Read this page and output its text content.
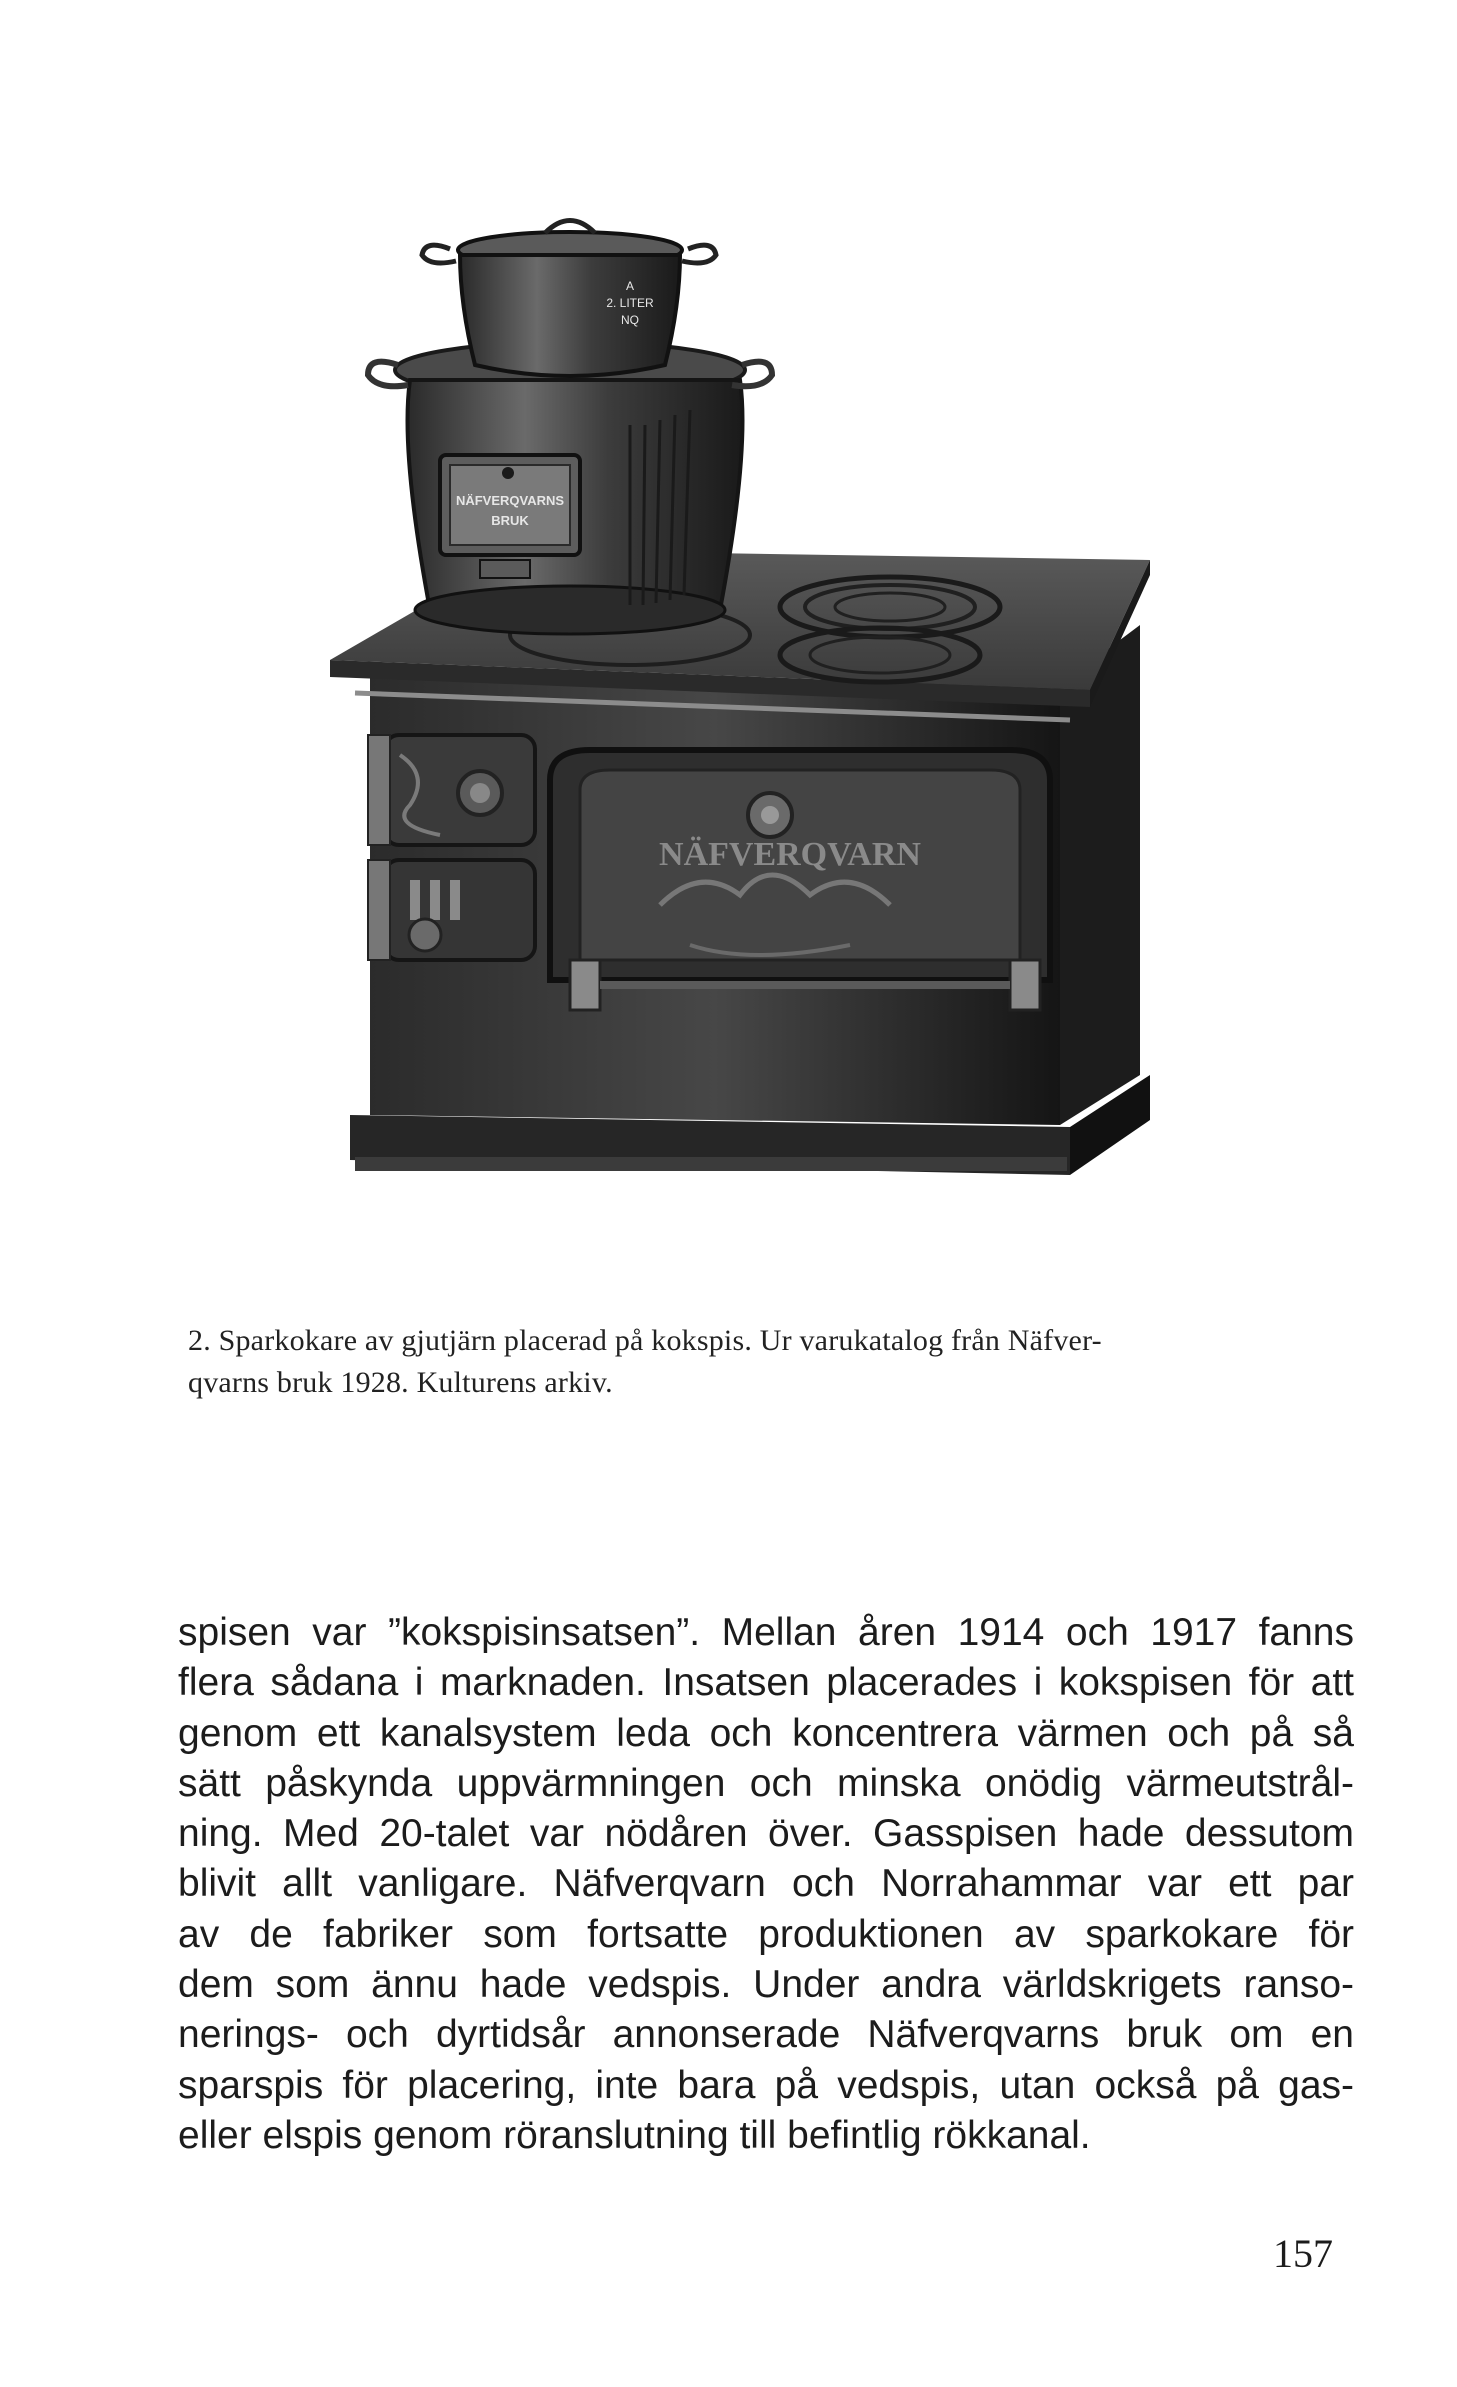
NÄFVERQVARN
NÄFVERQVARNS
BRUK
A
2. LITER
NQ
2. Sparkokare av gjutjärn placerad på kokspis. Ur varukatalog från Näfver-
qvarns bruk 1928. Kulturens arkiv.
spisen var ”kokspisinsatsen”. Mellan åren 1914 och 1917 fanns
flera sådana i marknaden. Insatsen placerades i kokspisen för att
genom ett kanalsystem leda och koncentrera värmen och på så
sätt påskynda uppvärmningen och minska onödig värmeutstrål-
ning. Med 20-talet var nödåren över. Gasspisen hade dessutom
blivit allt vanligare. Näfverqvarn och Norrahammar var ett par
av de fabriker som fortsatte produktionen av sparkokare för
dem som ännu hade vedspis. Under andra världskrigets ranso-
nerings- och dyrtidsår annonserade Näfverqvarns bruk om en
sparspis för placering, inte bara på vedspis, utan också på gas-
eller elspis genom röranslutning till befintlig rökkanal.
157
